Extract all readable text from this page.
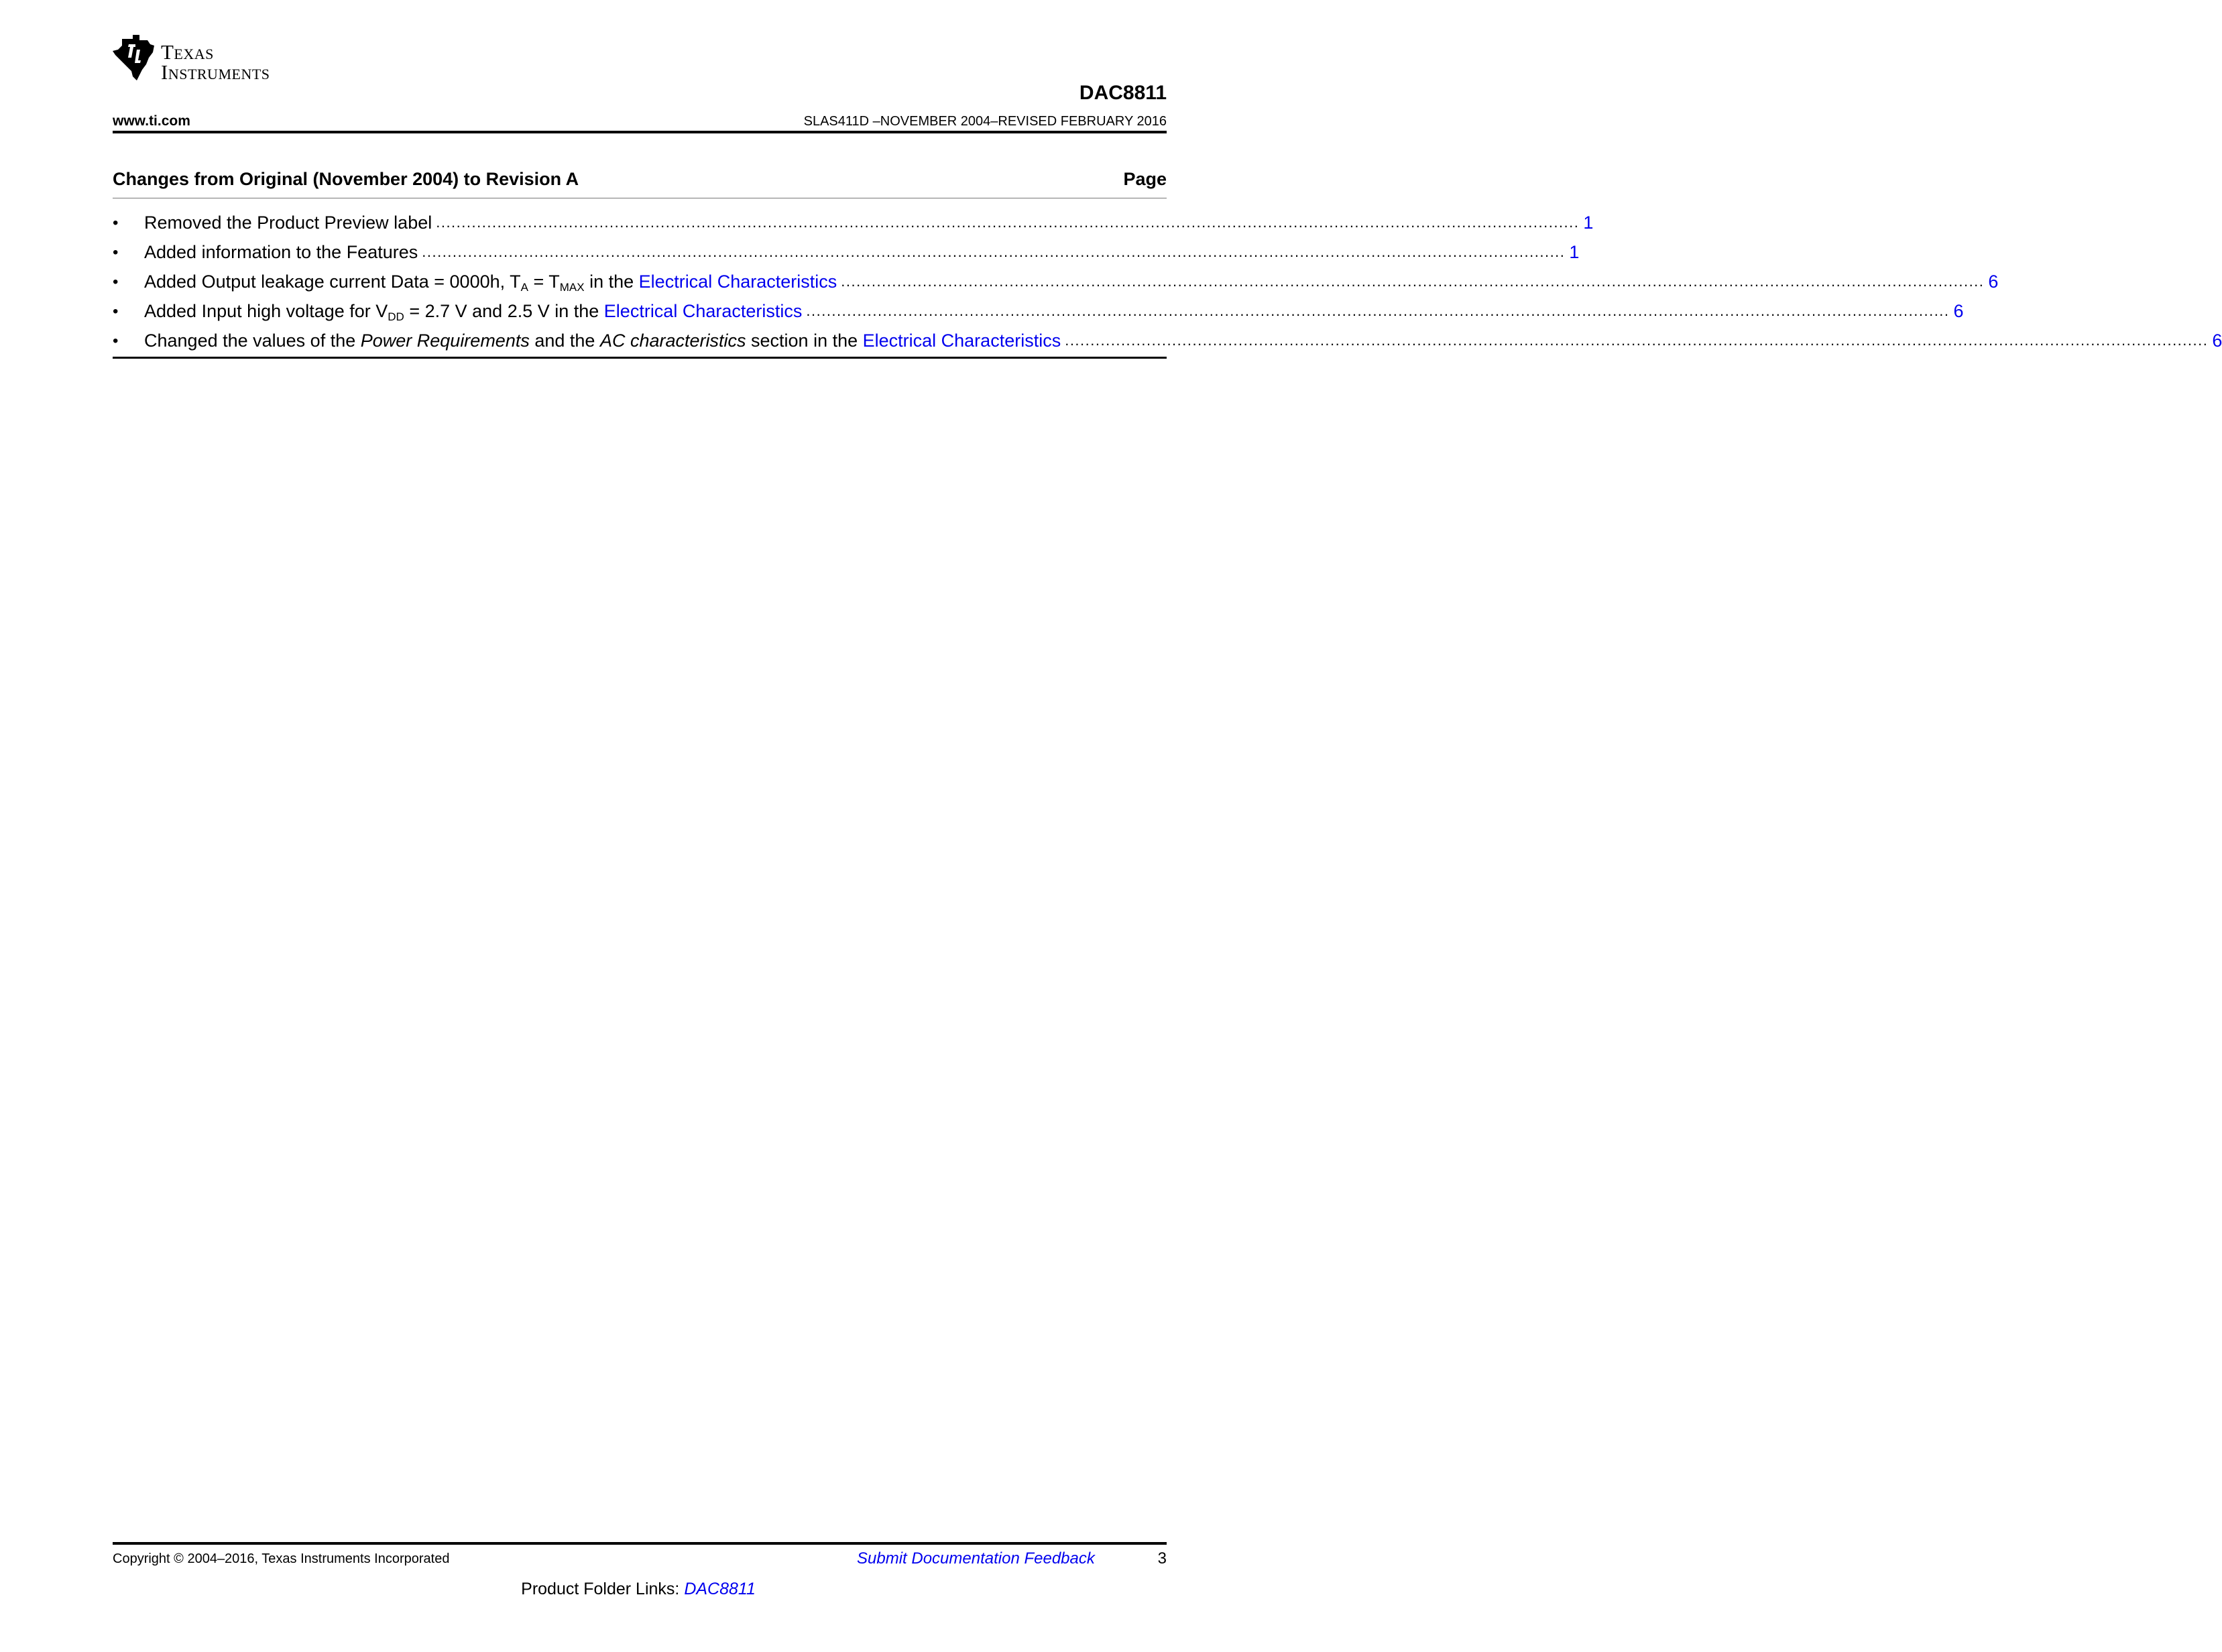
Texas
Instruments
DAC8811
www.ti.com	SLAS411D –NOVEMBER 2004–REVISED FEBRUARY 2016
Changes from Original (November 2004) to Revision A	Page
•	Removed the Product Preview label ................................................................................................................................................................................................................................ 1
•	Added information to the Features ................................................................................................................................................................................................................................ 1
•	Added Output leakage current Data = 0000h, $T_A = T_{MAX}$ in the Electrical Characteristics ................................................................................................................................................................................................................................ 6
•	Added Input high voltage for $V_{DD} = 2.7$ V and 2.5 V in the Electrical Characteristics ................................................................................................................................................................................................................................ 6
•	Changed the values of the Power Requirements and the AC characteristics section in the Electrical Characteristics ................................................................................................................................................................................................................................ 6
Copyright © 2004–2016, Texas Instruments Incorporated	Submit Documentation Feedback	3
Product Folder Links: DAC8811
